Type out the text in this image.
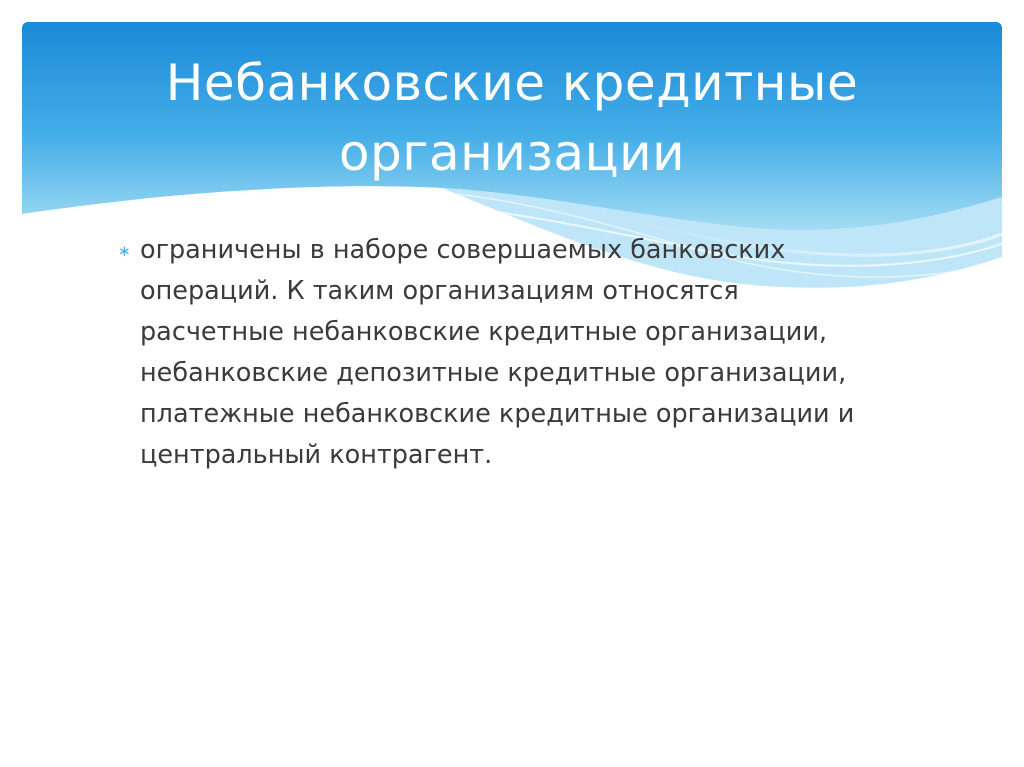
Небанковские кредитные
организации
∗ ограничены в наборе совершаемых банковских
операций. К таким организациям относятся
расчетные небанковские кредитные организации,
небанковские депозитные кредитные организации,
платежные небанковские кредитные организации и
центральный контрагент.
